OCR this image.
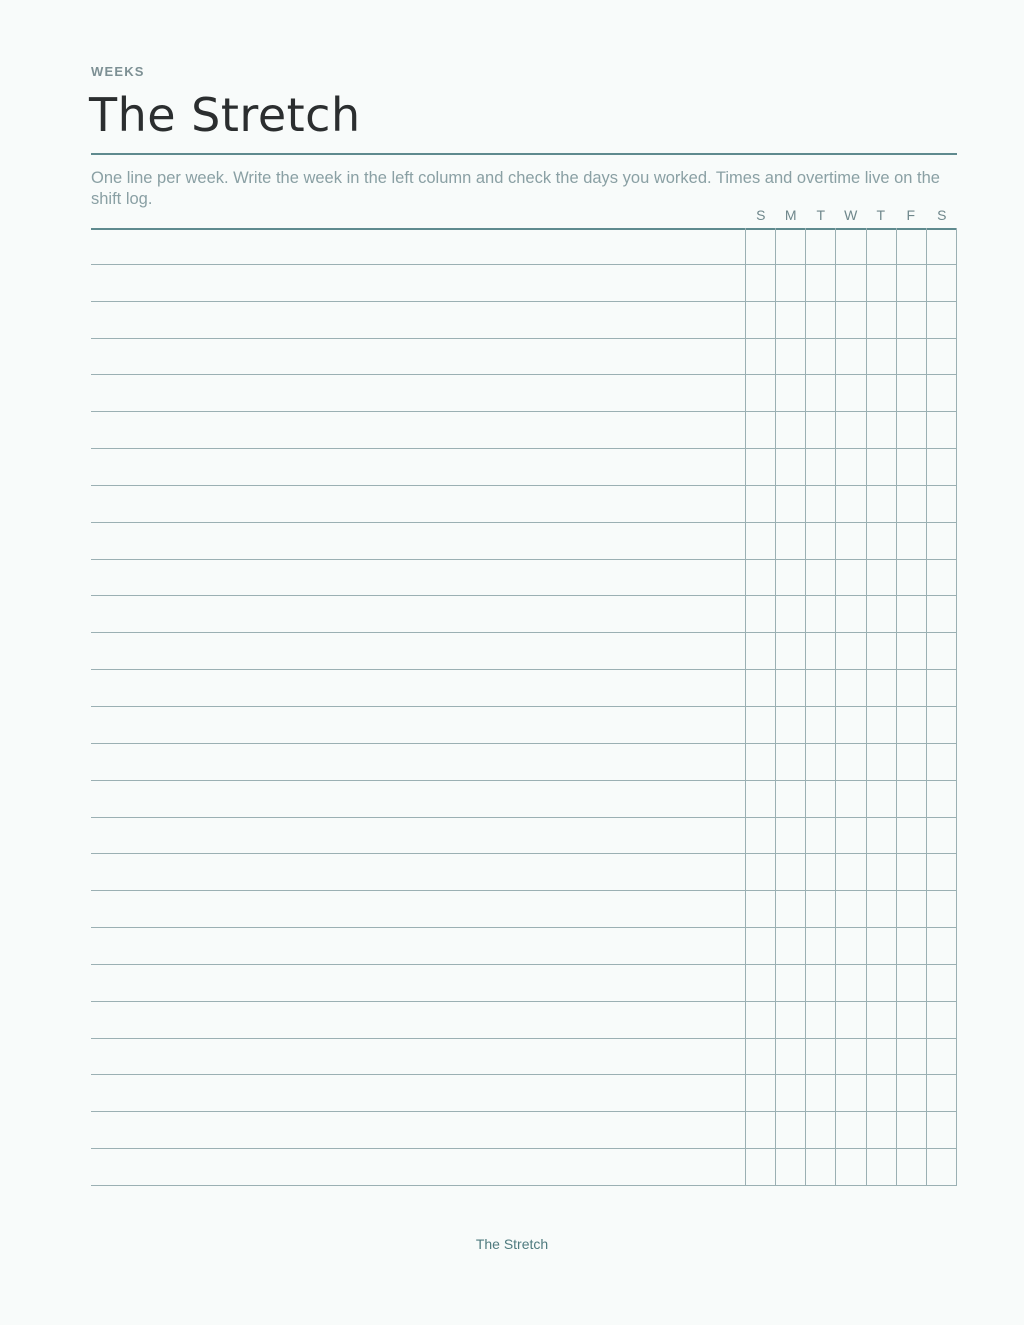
WEEKS
The Stretch
One line per week. Write the week in the left column and check the days you worked. Times and overtime live on the shift log.
S	M	T	W	T	F	S
The Stretch
